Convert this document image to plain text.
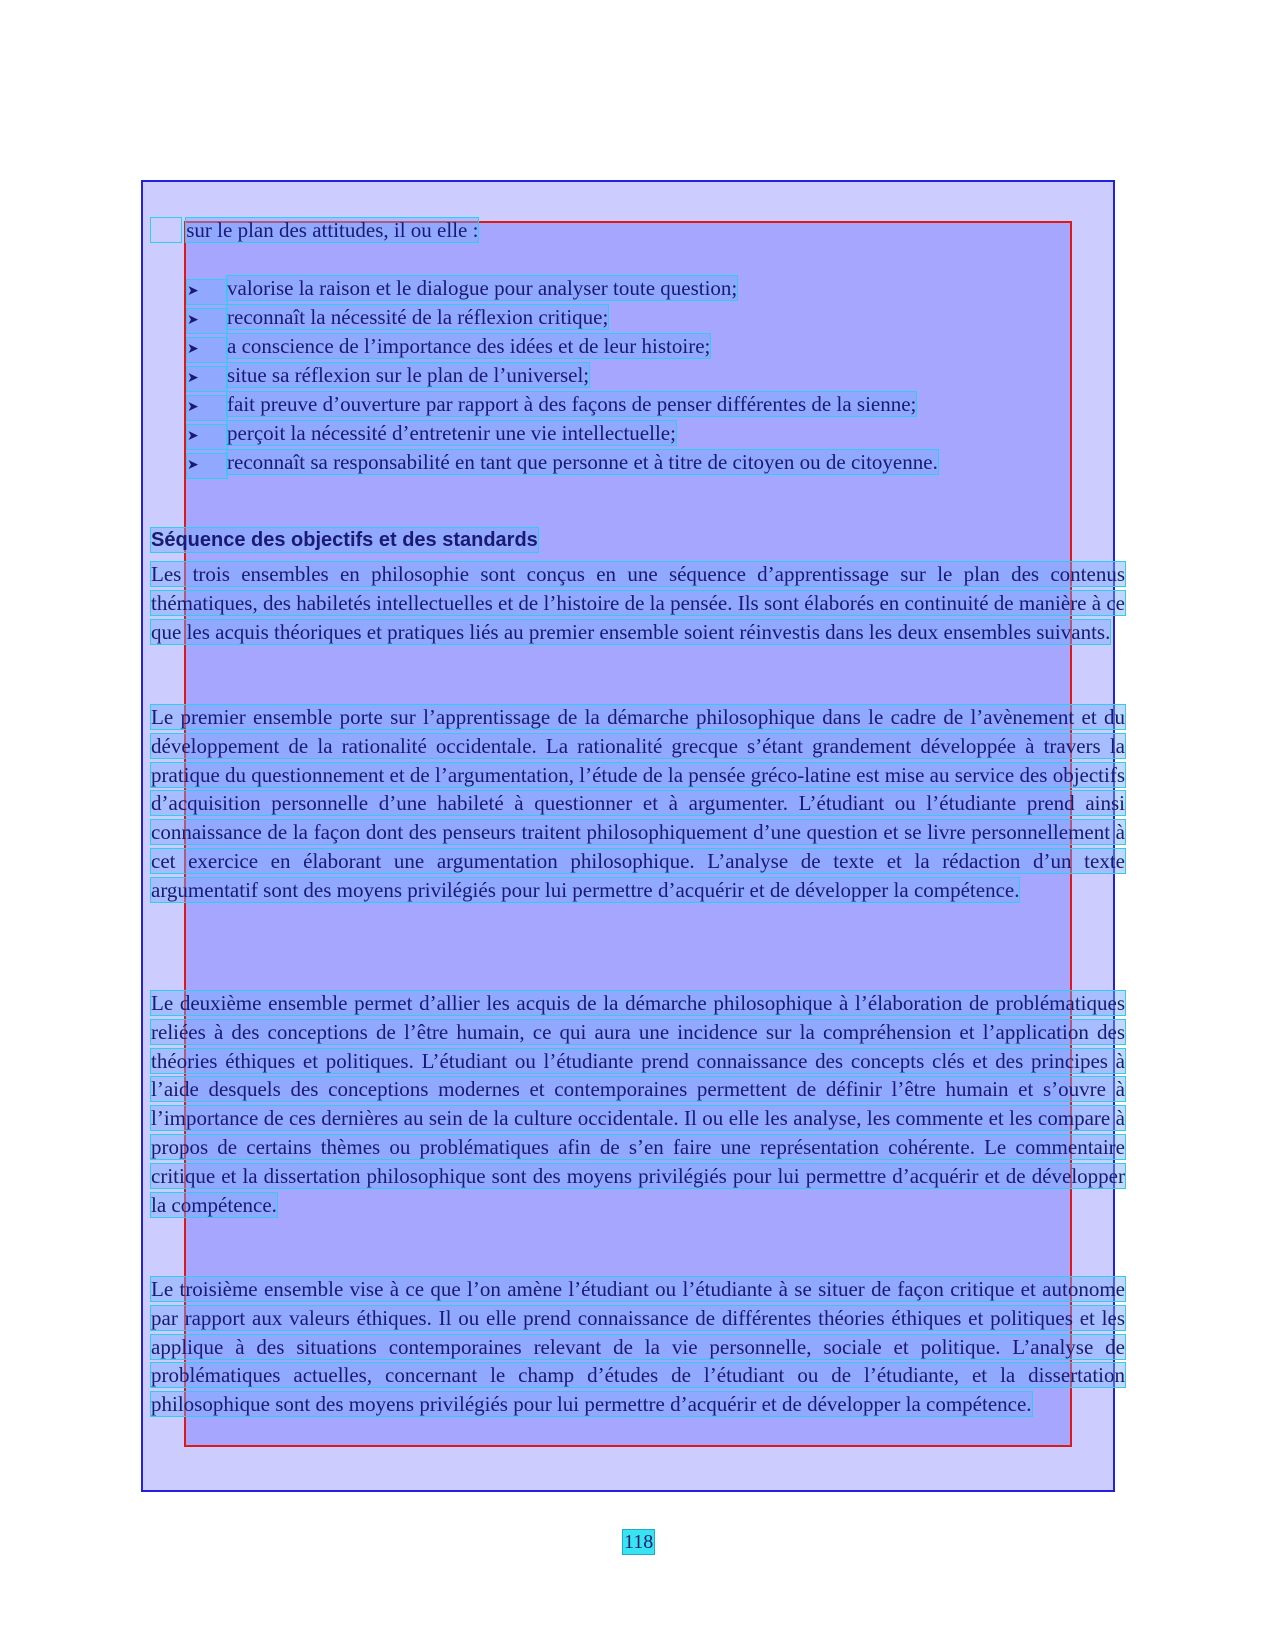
sur le plan des attitudes, il ou elle :
➤ valorise la raison et le dialogue pour analyser toute question;
➤ reconnaît la nécessité de la réflexion critique;
➤ a conscience de l’importance des idées et de leur histoire;
➤ situe sa réflexion sur le plan de l’universel;
➤ fait preuve d’ouverture par rapport à des façons de penser différentes de la sienne;
➤ perçoit la nécessité d’entretenir une vie intellectuelle;
➤ reconnaît sa responsabilité en tant que personne et à titre de citoyen ou de citoyenne.
Séquence des objectifs et des standards

Les trois ensembles en philosophie sont conçus en une séquence d’apprentissage sur le plan des contenus thématiques, des habiletés intellectuelles et de l’histoire de la pensée. Ils sont élaborés en continuité de manière à ce que les acquis théoriques et pratiques liés au premier ensemble soient réinvestis dans les deux ensembles suivants.

Le premier ensemble porte sur l’apprentissage de la démarche philosophique dans le cadre de l’avènement et du développement de la rationalité occidentale. La rationalité grecque s’étant grandement développée à travers la pratique du questionnement et de l’argumentation, l’étude de la pensée gréco-latine est mise au service des objectifs d’acquisition personnelle d’une habileté à questionner et à argumenter. L’étudiant ou l’étudiante prend ainsi connaissance de la façon dont des penseurs traitent philosophiquement d’une question et se livre personnellement à cet exercice en élaborant une argumentation philosophique. L’analyse de texte et la rédaction d’un texte argumentatif sont des moyens privilégiés pour lui permettre d’acquérir et de développer la compétence.

Le deuxième ensemble permet d’allier les acquis de la démarche philosophique à l’élaboration de problématiques reliées à des conceptions de l’être humain, ce qui aura une incidence sur la compréhension et l’application des théories éthiques et politiques. L’étudiant ou l’étudiante prend connaissance des concepts clés et des principes à l’aide desquels des conceptions modernes et contemporaines permettent de définir l’être humain et s’ouvre à l’importance de ces dernières au sein de la culture occidentale. Il ou elle les analyse, les commente et les compare à propos de certains thèmes ou problématiques afin de s’en faire une représentation cohérente. Le commentaire critique et la dissertation philosophique sont des moyens privilégiés pour lui permettre d’acquérir et de développer la compétence.

Le troisième ensemble vise à ce que l’on amène l’étudiant ou l’étudiante à se situer de façon critique et autonome par rapport aux valeurs éthiques. Il ou elle prend connaissance de différentes théories éthiques et politiques et les applique à des situations contemporaines relevant de la vie personnelle, sociale et politique. L’analyse de problématiques actuelles, concernant le champ d’études de l’étudiant ou de l’étudiante, et la dissertation philosophique sont des moyens privilégiés pour lui permettre d’acquérir et de développer la compétence.

118
